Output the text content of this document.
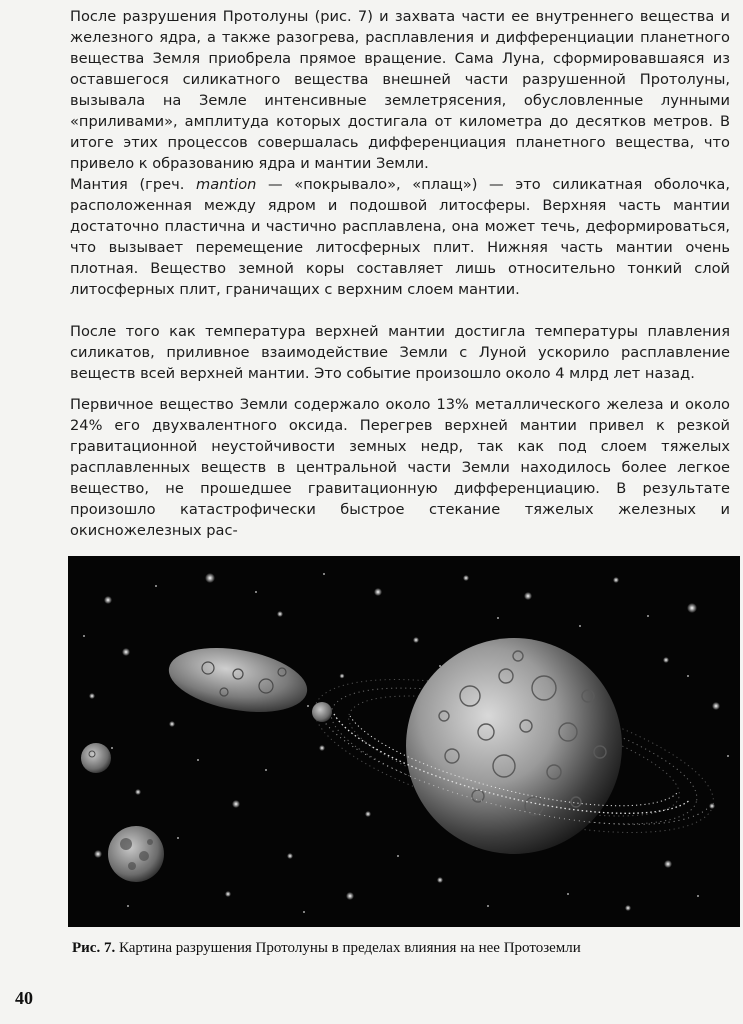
После разрушения Протолуны (рис. 7) и захвата части ее внутреннего вещества и железного ядра, а также разогрева, расплавления и дифференциации планетного вещества Земля приобрела прямое вращение. Сама Луна, сформировавшаяся из оставшегося силикатного вещества внешней части разрушенной Протолуны, вызывала на Земле интенсивные землетрясения, обусловленные лунными «приливами», амплитуда которых достигала от километра до десятков метров. В итоге этих процессов совершалась дифференциация планетного вещества, что привело к образованию ядра и мантии Земли.

Мантия (греч. mantion — «покрывало», «плащ») — это силикатная оболочка, расположенная между ядром и подошвой литосферы. Верхняя часть мантии достаточно пластична и частично расплавлена, она может течь, деформироваться, что вызывает перемещение литосферных плит. Нижняя часть мантии очень плотная. Вещество земной коры составляет лишь относительно тонкий слой литосферных плит, граничащих с верхним слоем мантии.

После того как температура верхней мантии достигла температуры плавления силикатов, приливное взаимодействие Земли с Луной ускорило расплавление веществ всей верхней мантии. Это событие произошло около 4 млрд лет назад.

Первичное вещество Земли содержало около 13% металлического железа и около 24% его двухвалентного оксида. Перегрев верхней мантии привел к резкой гравитационной неустойчивости земных недр, так как под слоем тяжелых расплавленных веществ в центральной части Земли находилось более легкое вещество, не прошедшее гравитационную дифференциацию. В результате произошло катастрофически быстрое стекание тяжелых железных и окисножелезных рас-

Рис. 7. Картина разрушения Протолуны в пределах влияния на нее Протоземли
40
